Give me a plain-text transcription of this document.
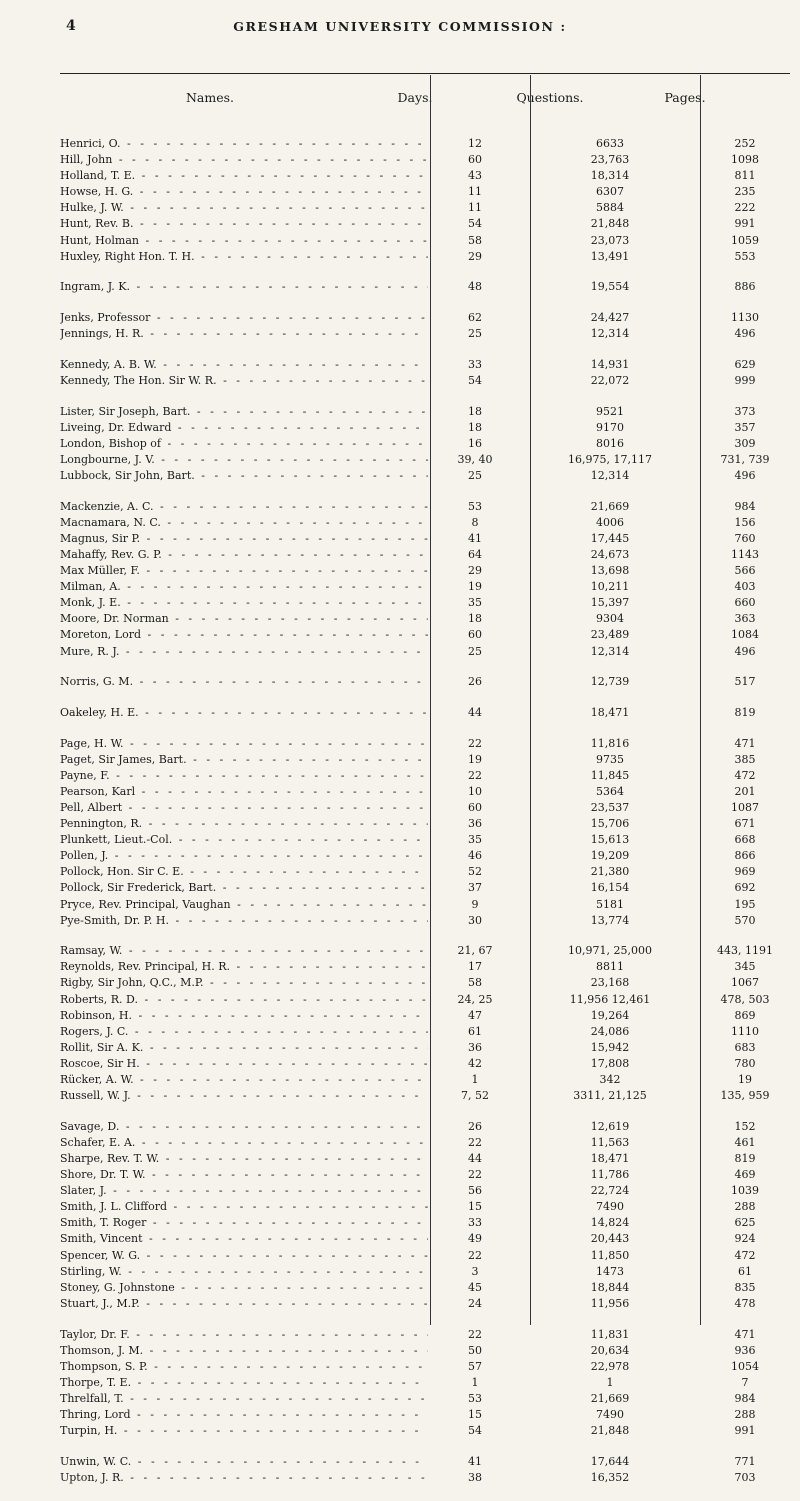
4	GRESHAM UNIVERSITY COMMISSION :
Names.	Days.	Questions.	Pages.
Henrici, O. - -	12	6633	252
Hill, John - -	60	23,763	1098
Holland, T. E. - -	43	18,314	811
Howse, H. G. - -	11	6307	235
Hulke, J. W. - -	11	5884	222
Hunt, Rev. B. - -	54	21,848	991
Hunt, Holman - -	58	23,073	1059
Huxley, Right Hon. T. H. - -	29	13,491	553
Ingram, J. K. - -	48	19,554	886
Jenks, Professor - -	62	24,427	1130
Jennings, H. R. - -	25	12,314	496
Kennedy, A. B. W. - -	33	14,931	629
Kennedy, The Hon. Sir W. R. - -	54	22,072	999
Lister, Sir Joseph, Bart. - -	18	9521	373
Liveing, Dr. Edward - -	18	9170	357
London, Bishop of - -	16	8016	309
Longbourne, J. V. - -	39, 40	16,975, 17,117	731, 739
Lubbock, Sir John, Bart. - -	25	12,314	496
Mackenzie, A. C. - -	53	21,669	984
Macnamara, N. C. - -	8	4006	156
Magnus, Sir P. - -	41	17,445	760
Mahaffy, Rev. G. P. - -	64	24,673	1143
Max Müller, F. - -	29	13,698	566
Milman, A. - -	19	10,211	403
Monk, J. E. - -	35	15,397	660
Moore, Dr. Norman - -	18	9304	363
Moreton, Lord - -	60	23,489	1084
Mure, R. J. - -	25	12,314	496
Norris, G. M. - -	26	12,739	517
Oakeley, H. E. - -	44	18,471	819
Page, H. W. - -	22	11,816	471
Paget, Sir James, Bart. - -	19	9735	385
Payne, F. - -	22	11,845	472
Pearson, Karl - -	10	5364	201
Pell, Albert - -	60	23,537	1087
Pennington, R. - -	36	15,706	671
Plunkett, Lieut.-Col. - -	35	15,613	668
Pollen, J. - -	46	19,209	866
Pollock, Hon. Sir C. E. - -	52	21,380	969
Pollock, Sir Frederick, Bart. - -	37	16,154	692
Pryce, Rev. Principal, Vaughan - -	9	5181	195
Pye-Smith, Dr. P. H. - -	30	13,774	570
Ramsay, W. - -	21, 67	10,971, 25,000	443, 1191
Reynolds, Rev. Principal, H. R. - -	17	8811	345
Rigby, Sir John, Q.C., M.P. - -	58	23,168	1067
Roberts, R. D. - -	24, 25	11,956 12,461	478, 503
Robinson, H. - -	47	19,264	869
Rogers, J. C. - -	61	24,086	1110
Rollit, Sir A. K. - -	36	15,942	683
Roscoe, Sir H. - -	42	17,808	780
Rücker, A. W. - -	1	342	19
Russell, W. J. - -	7, 52	3311, 21,125	135, 959
Savage, D. - -	26	12,619	152
Schafer, E. A. - -	22	11,563	461
Sharpe, Rev. T. W. - -	44	18,471	819
Shore, Dr. T. W. - -	22	11,786	469
Slater, J. - -	56	22,724	1039
Smith, J. L. Clifford - -	15	7490	288
Smith, T. Roger - -	33	14,824	625
Smith, Vincent - -	49	20,443	924
Spencer, W. G. - -	22	11,850	472
Stirling, W. - -	3	1473	61
Stoney, G. Johnstone - -	45	18,844	835
Stuart, J., M.P. - -	24	11,956	478
Taylor, Dr. F. - -	22	11,831	471
Thomson, J. M. - -	50	20,634	936
Thompson, S. P. - -	57	22,978	1054
Thorpe, T. E. - -	1	1	7
Threlfall, T. - -	53	21,669	984
Thring, Lord - -	15	7490	288
Turpin, H. - -	54	21,848	991
Unwin, W. C. - -	41	17,644	771
Upton, J. R. - -	38	16,352	703
